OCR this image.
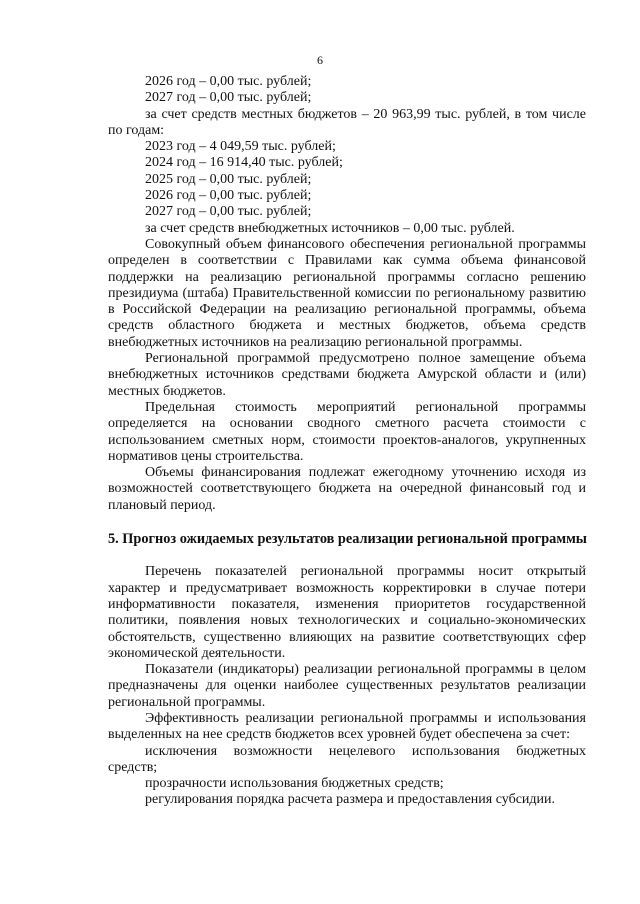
6
2026 год – 0,00 тыс. рублей;
2027 год – 0,00 тыс. рублей;
за счет средств местных бюджетов – 20 963,99 тыс. рублей, в том числе
по годам:
2023 год – 4 049,59 тыс. рублей;
2024 год – 16 914,40 тыс. рублей;
2025 год – 0,00 тыс. рублей;
2026 год – 0,00 тыс. рублей;
2027 год – 0,00 тыс. рублей;
за счет средств внебюджетных источников – 0,00 тыс. рублей.
Совокупный объем финансового обеспечения региональной программы
определен в соответствии с Правилами как сумма объема финансовой
поддержки на реализацию региональной программы согласно решению
президиума (штаба) Правительственной комиссии по региональному развитию
в Российской Федерации на реализацию региональной программы, объема
средств областного бюджета и местных бюджетов, объема средств
внебюджетных источников на реализацию региональной программы.
Региональной программой предусмотрено полное замещение объема
внебюджетных источников средствами бюджета Амурской области и (или)
местных бюджетов.
Предельная стоимость мероприятий региональной программы
определяется на основании сводного сметного расчета стоимости с
использованием сметных норм, стоимости проектов-аналогов, укрупненных
нормативов цены строительства.
Объемы финансирования подлежат ежегодному уточнению исходя из
возможностей соответствующего бюджета на очередной финансовый год и
плановый период.
5. Прогноз ожидаемых результатов реализации региональной программы
Перечень показателей региональной программы носит открытый
характер и предусматривает возможность корректировки в случае потери
информативности показателя, изменения приоритетов государственной
политики, появления новых технологических и социально-экономических
обстоятельств, существенно влияющих на развитие соответствующих сфер
экономической деятельности.
Показатели (индикаторы) реализации региональной программы в целом
предназначены для оценки наиболее существенных результатов реализации
региональной программы.
Эффективность реализации региональной программы и использования
выделенных на нее средств бюджетов всех уровней будет обеспечена за счет:
исключения возможности нецелевого использования бюджетных
средств;
прозрачности использования бюджетных средств;
регулирования порядка расчета размера и предоставления субсидии.
